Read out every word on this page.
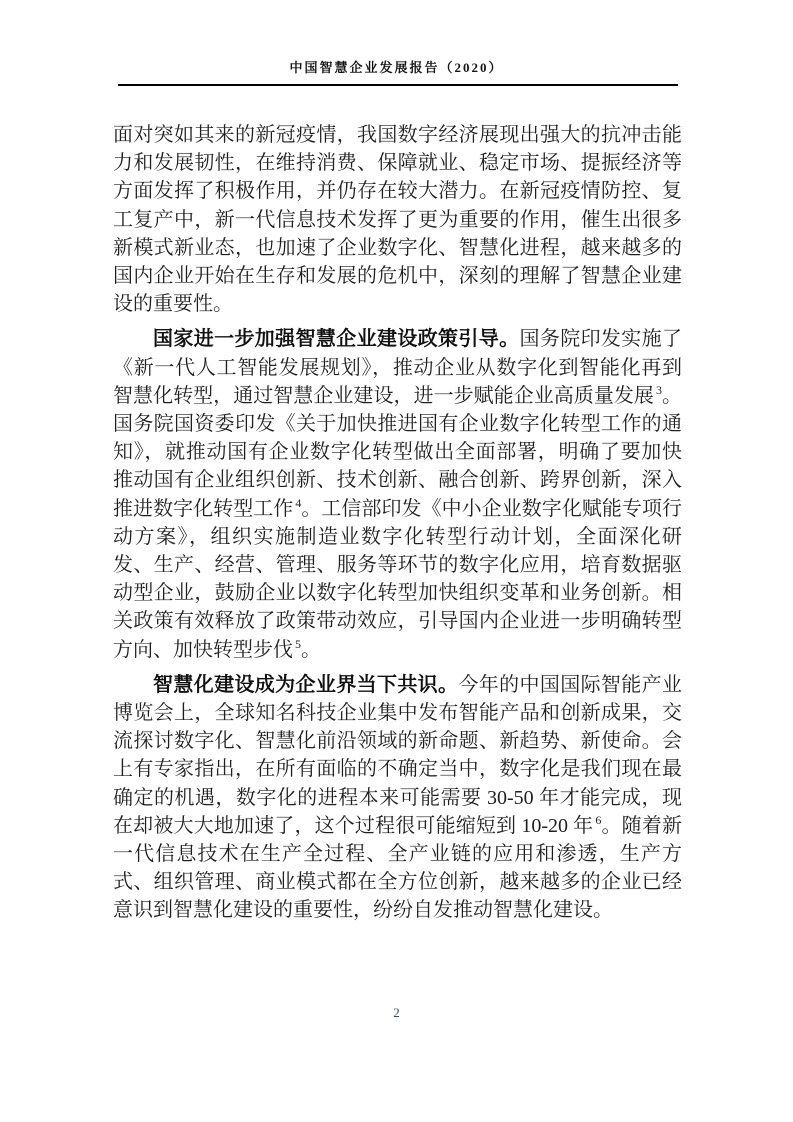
中国智慧企业发展报告（2020）

面对突如其来的新冠疫情，我国数字经济展现出强大的抗冲击能力和发展韧性，在维持消费、保障就业、稳定市场、提振经济等方面发挥了积极作用，并仍存在较大潜力。在新冠疫情防控、复工复产中，新一代信息技术发挥了更为重要的作用，催生出很多新模式新业态，也加速了企业数字化、智慧化进程，越来越多的国内企业开始在生存和发展的危机中，深刻的理解了智慧企业建设的重要性。

国家进一步加强智慧企业建设政策引导。国务院印发实施了《新一代人工智能发展规划》，推动企业从数字化到智能化再到智慧化转型，通过智慧企业建设，进一步赋能企业高质量发展 $^3$。国务院国资委印发《关于加快推进国有企业数字化转型工作的通知》，就推动国有企业数字化转型做出全面部署，明确了要加快推动国有企业组织创新、技术创新、融合创新、跨界创新，深入推进数字化转型工作 $^4$。工信部印发《中小企业数字化赋能专项行动方案》，组织实施制造业数字化转型行动计划，全面深化研发、生产、经营、管理、服务等环节的数字化应用，培育数据驱动型企业，鼓励企业以数字化转型加快组织变革和业务创新。相关政策有效释放了政策带动效应，引导国内企业进一步明确转型方向、加快转型步伐 $^5$。

智慧化建设成为企业界当下共识。今年的中国国际智能产业博览会上，全球知名科技企业集中发布智能产品和创新成果，交流探讨数字化、智慧化前沿领域的新命题、新趋势、新使命。会上有专家指出，在所有面临的不确定当中，数字化是我们现在最确定的机遇，数字化的进程本来可能需要 30-50 年才能完成，现在却被大大地加速了，这个过程很可能缩短到 10-20 年 $^6$。随着新一代信息技术在生产全过程、全产业链的应用和渗透，生产方式、组织管理、商业模式都在全方位创新，越来越多的企业已经意识到智慧化建设的重要性，纷纷自发推动智慧化建设。

2
